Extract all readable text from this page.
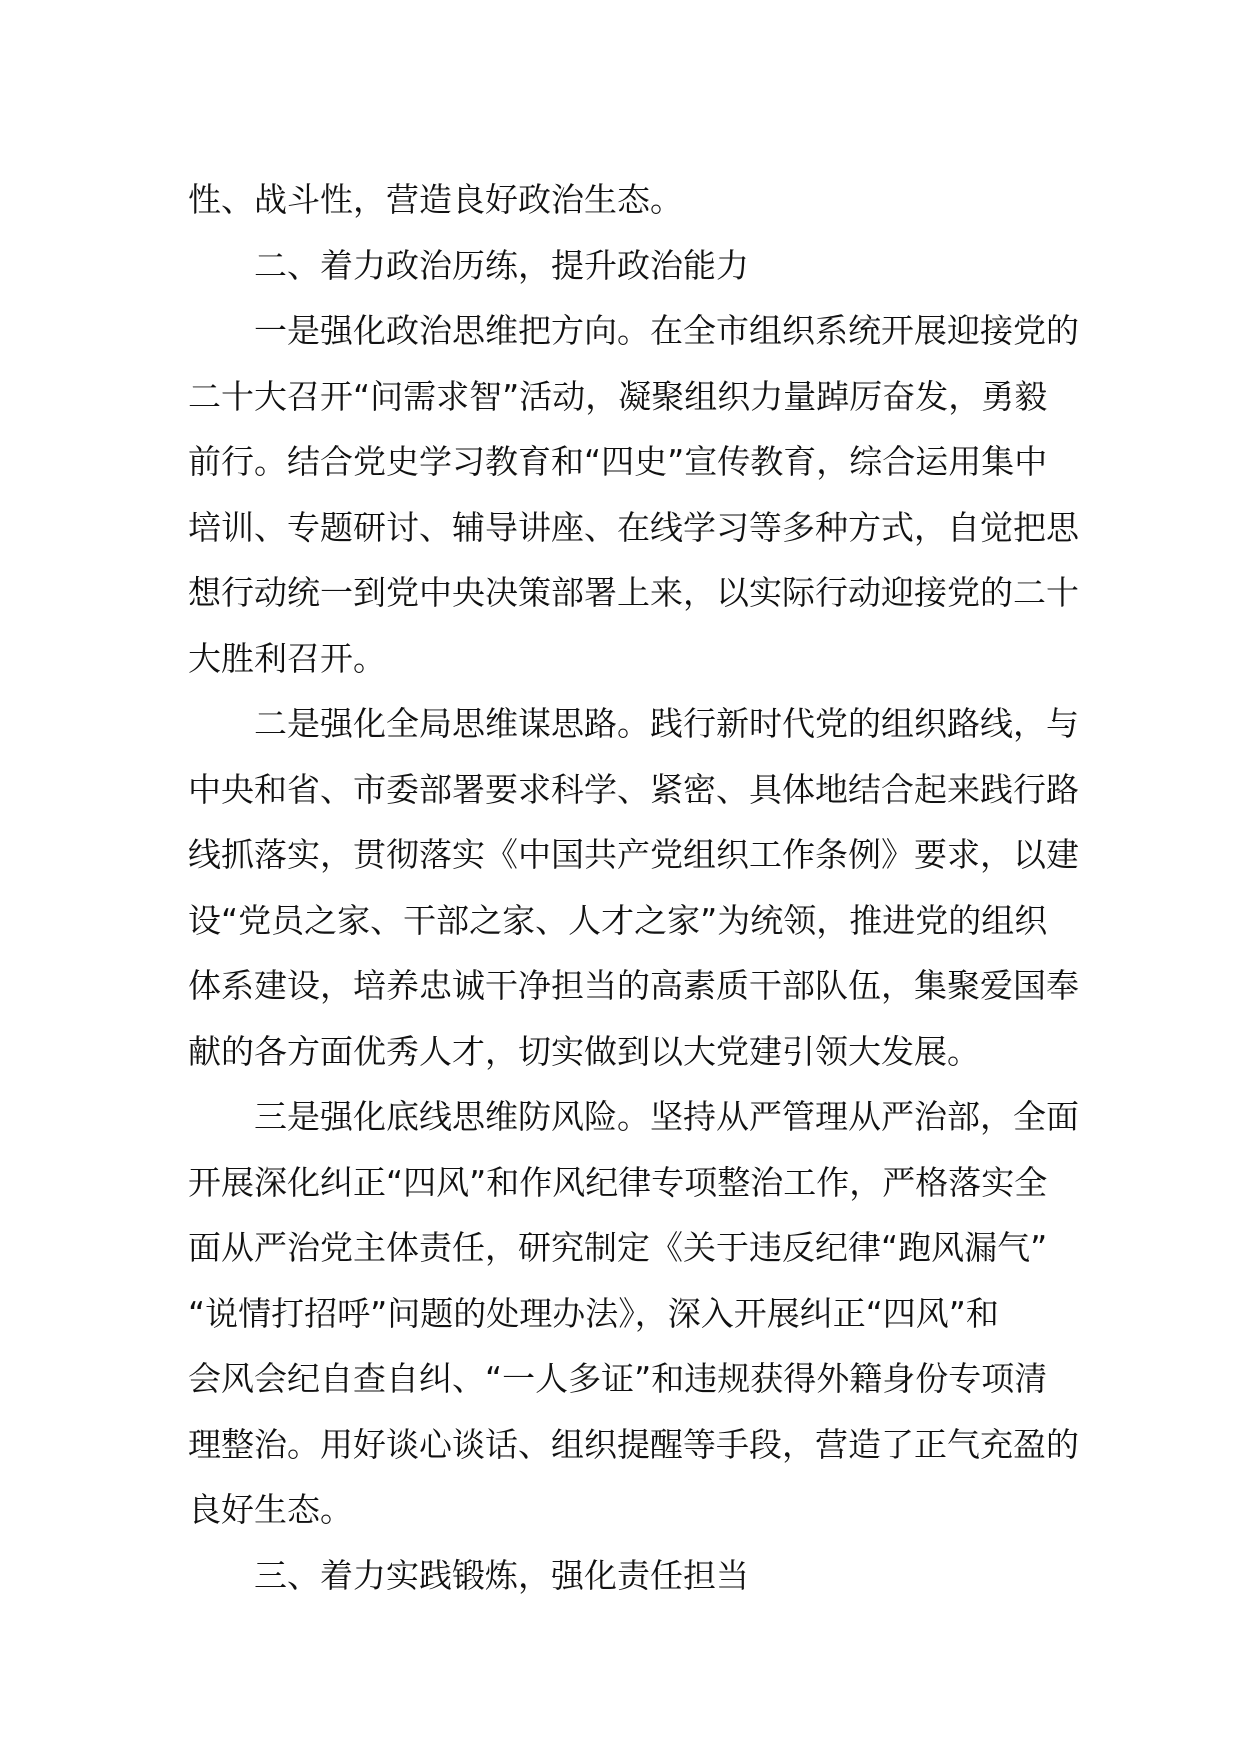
性、战斗性，营造良好政治生态。
二、着力政治历练，提升政治能力
一是强化政治思维把方向。在全市组织系统开展迎接党的
二十大召开“问需求智”活动，凝聚组织力量踔厉奋发，勇毅
前行。结合党史学习教育和“四史”宣传教育，综合运用集中
培训、专题研讨、辅导讲座、在线学习等多种方式，自觉把思
想行动统一到党中央决策部署上来，以实际行动迎接党的二十
大胜利召开。
二是强化全局思维谋思路。践行新时代党的组织路线，与
中央和省、市委部署要求科学、紧密、具体地结合起来践行路
线抓落实，贯彻落实《中国共产党组织工作条例》要求，以建
设“党员之家、干部之家、人才之家”为统领，推进党的组织
体系建设，培养忠诚干净担当的高素质干部队伍，集聚爱国奉
献的各方面优秀人才，切实做到以大党建引领大发展。
三是强化底线思维防风险。坚持从严管理从严治部，全面
开展深化纠正“四风”和作风纪律专项整治工作，严格落实全
面从严治党主体责任，研究制定《关于违反纪律“跑风漏气”
“说情打招呼”问题的处理办法》，深入开展纠正“四风”和
会风会纪自查自纠、“一人多证”和违规获得外籍身份专项清
理整治。用好谈心谈话、组织提醒等手段，营造了正气充盈的
良好生态。
三、着力实践锻炼，强化责任担当
